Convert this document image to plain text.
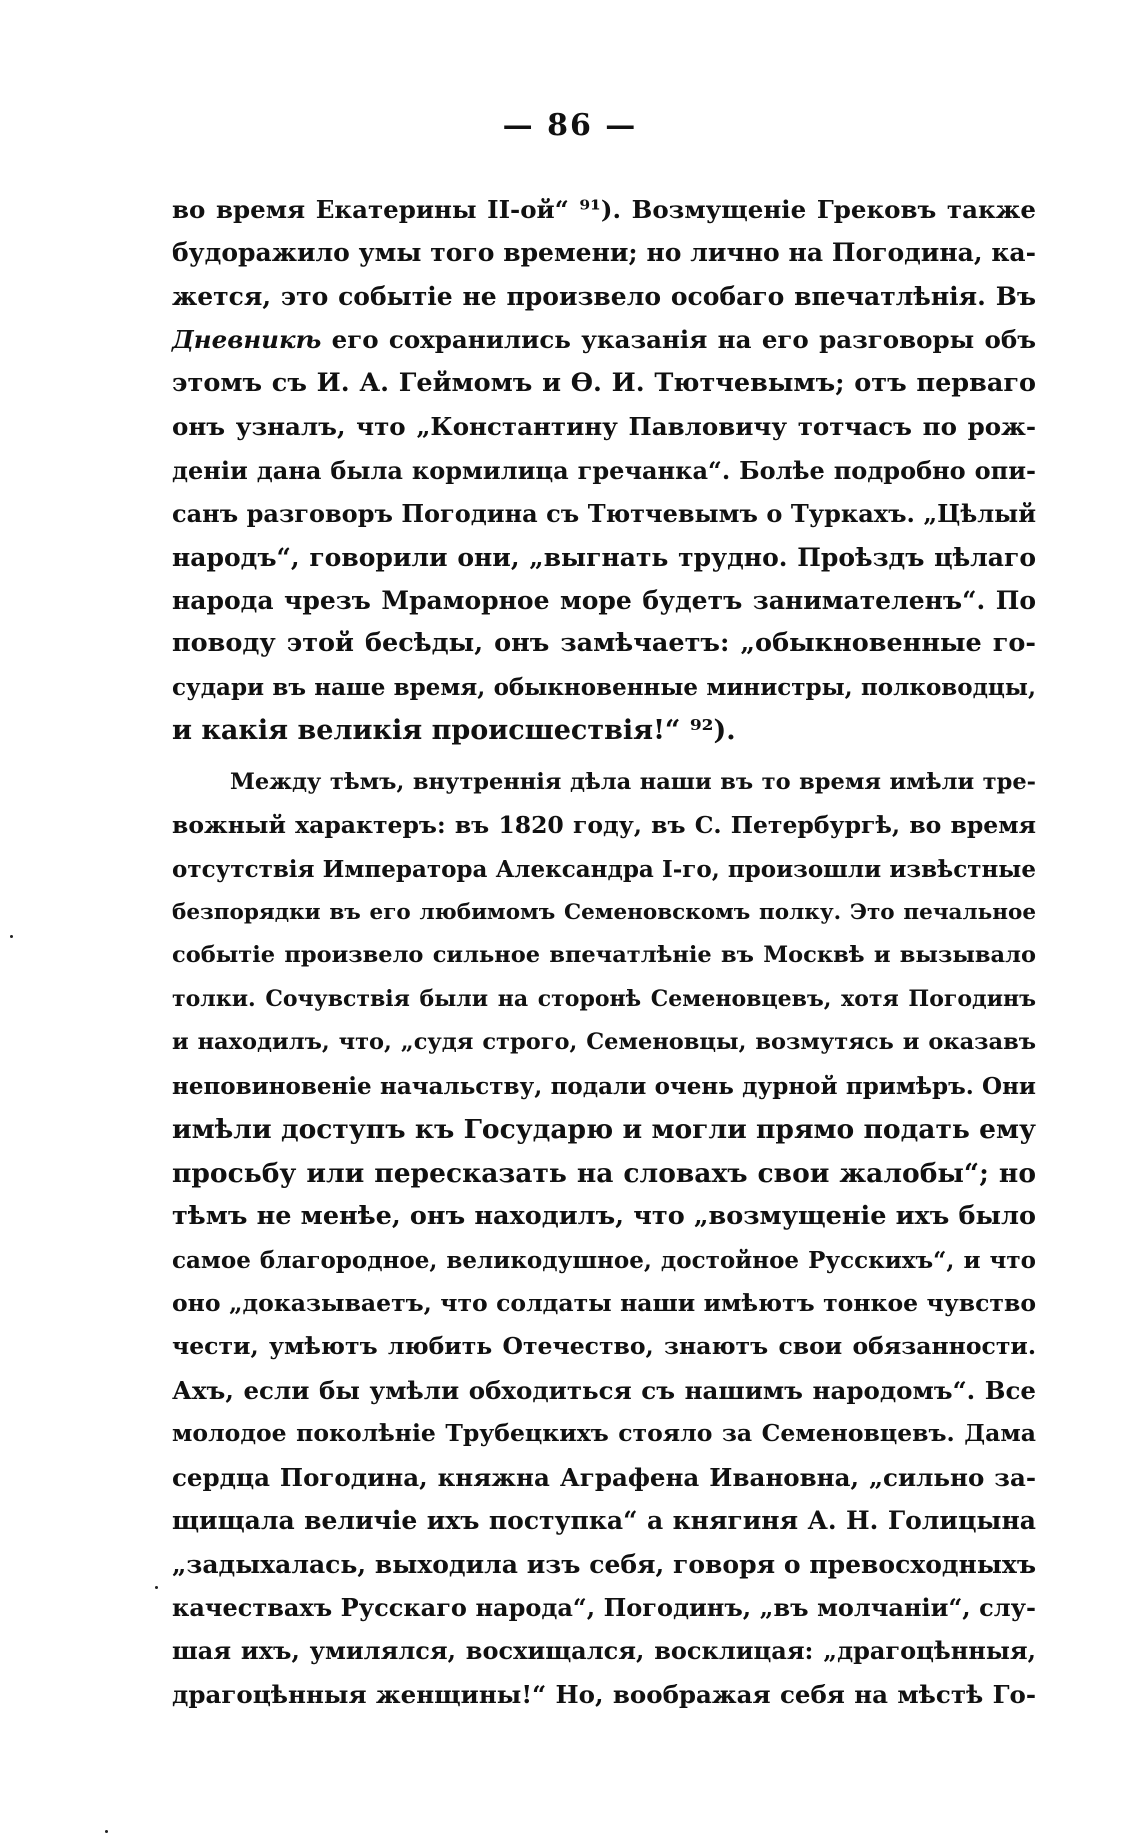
— 86 —
во время Екатерины II-ой“ ⁹¹). Возмущеніе Грековъ также
будоражило умы того времени; но лично на Погодина, ка-
жется, это событіе не произвело особаго впечатлѣнія. Въ
Дневникѣ его сохранились указанія на его разговоры объ
этомъ съ И. А. Геймомъ и Ѳ. И. Тютчевымъ; отъ перваго
онъ узналъ, что „Константину Павловичу тотчасъ по рож-
деніи дана была кормилица гречанка“. Болѣе подробно опи-
санъ разговоръ Погодина съ Тютчевымъ о Туркахъ. „Цѣлый
народъ“, говорили они, „выгнать трудно. Проѣздъ цѣлаго
народа чрезъ Мраморное море будетъ занимателенъ“. По
поводу этой бесѣды, онъ замѣчаетъ: „обыкновенные го-
судари въ наше время, обыкновенные министры, полководцы,
и какія великія происшествія!“ ⁹²).
Между тѣмъ, внутреннія дѣла наши въ то время имѣли тре-
вожный характеръ: въ 1820 году, въ С. Петербургѣ, во время
отсутствія Императора Александра I-го, произошли извѣстные
безпорядки въ его любимомъ Семеновскомъ полку. Это печальное
событіе произвело сильное впечатлѣніе въ Москвѣ и вызывало
толки. Сочувствія были на сторонѣ Семеновцевъ, хотя Погодинъ
и находилъ, что, „судя строго, Семеновцы, возмутясь и оказавъ
неповиновеніе начальству, подали очень дурной примѣръ. Они
имѣли доступъ къ Государю и могли прямо подать ему
просьбу или пересказать на словахъ свои жалобы“; но
тѣмъ не менѣе, онъ находилъ, что „возмущеніе ихъ было
самое благородное, великодушное, достойное Русскихъ“, и что
оно „доказываетъ, что солдаты наши имѣютъ тонкое чувство
чести, умѣютъ любить Отечество, знаютъ свои обязанности.
Ахъ, если бы умѣли обходиться съ нашимъ народомъ“. Все
молодое поколѣніе Трубецкихъ стояло за Семеновцевъ. Дама
сердца Погодина, княжна Аграфена Ивановна, „сильно за-
щищала величіе ихъ поступка“ а княгиня А. Н. Голицына
„задыхалась, выходила изъ себя, говоря о превосходныхъ
качествахъ Русскаго народа“, Погодинъ, „въ молчаніи“, слу-
шая ихъ, умилялся, восхищался, восклицая: „драгоцѣнныя,
драгоцѣнныя женщины!“ Но, воображая себя на мѣстѣ Го-
